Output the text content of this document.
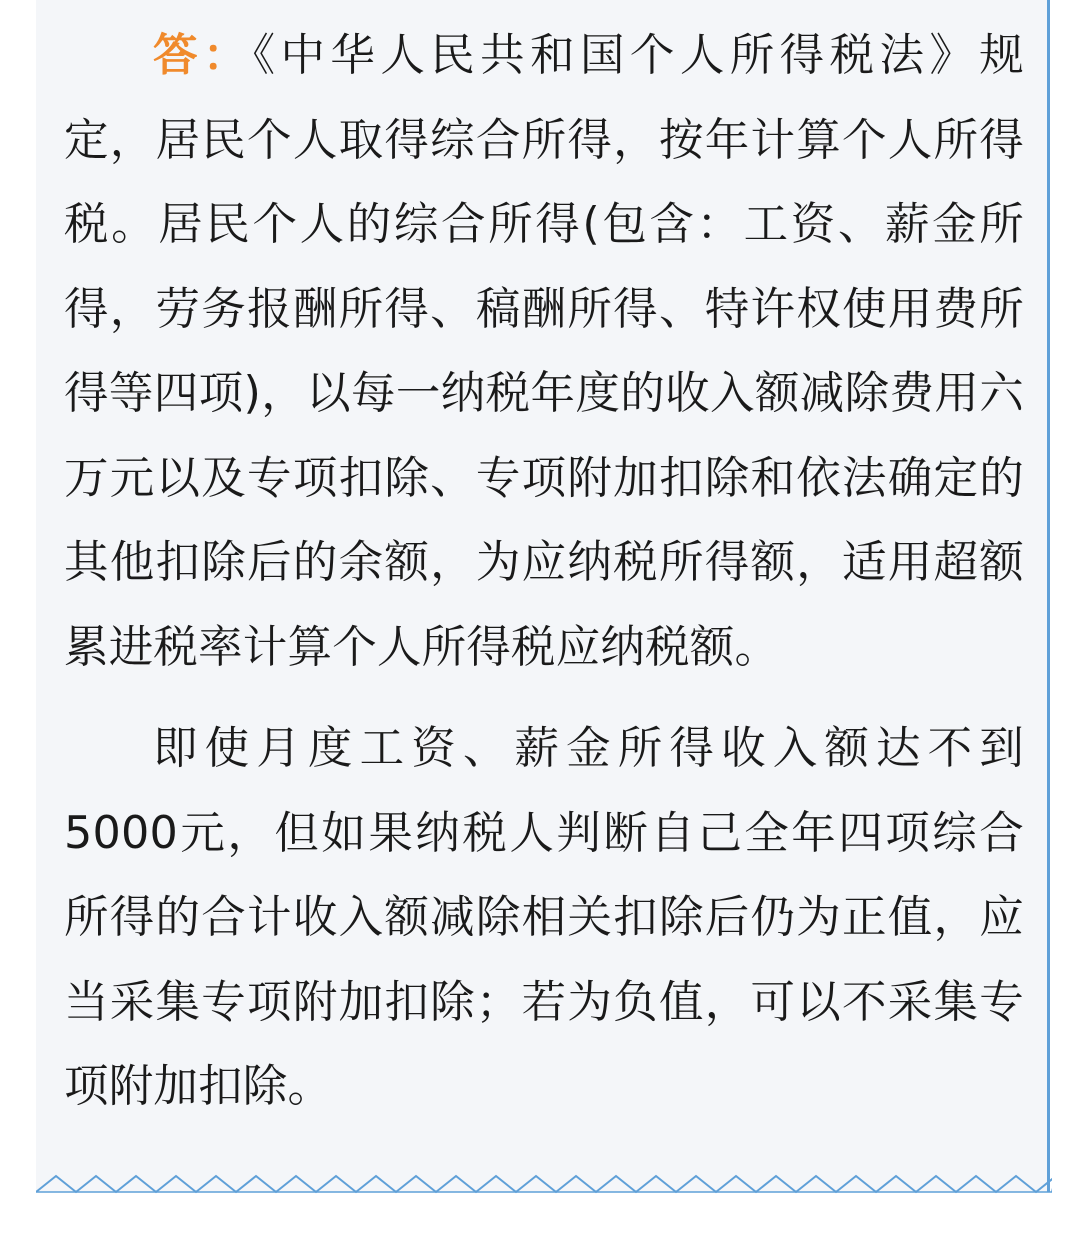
答：《中华人民共和国个人所得税法》规定，居民个人取得综合所得，按年计算个人所得税。居民个人的综合所得(包含：工资、薪金所得，劳务报酬所得、稿酬所得、特许权使用费所得等四项)，以每一纳税年度的收入额减除费用六万元以及专项扣除、专项附加扣除和依法确定的其他扣除后的余额，为应纳税所得额，适用超额累进税率计算个人所得税应纳税额。

即使月度工资、薪金所得收入额达不到5000元，但如果纳税人判断自己全年四项综合所得的合计收入额减除相关扣除后仍为正值，应当采集专项附加扣除；若为负值，可以不采集专项附加扣除。
